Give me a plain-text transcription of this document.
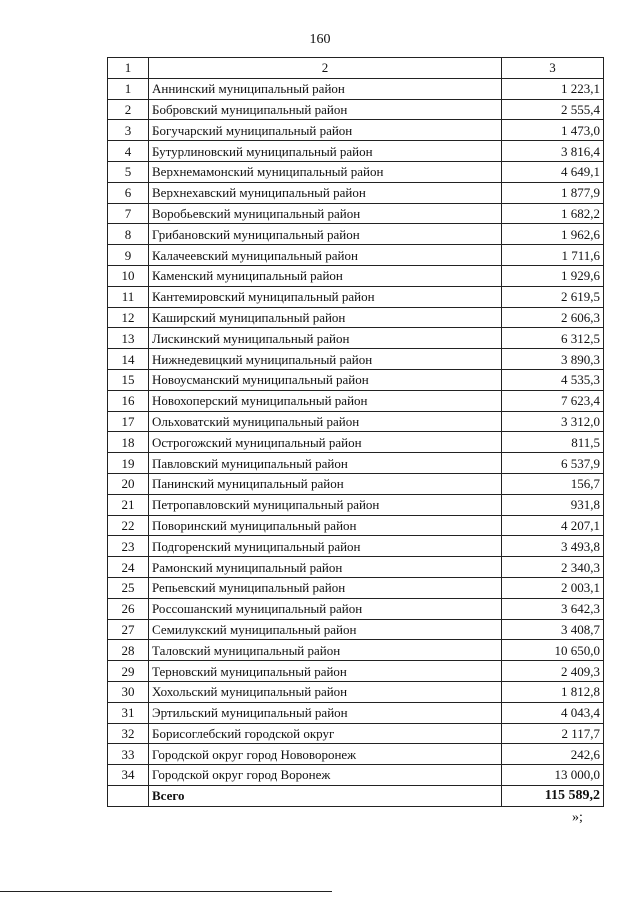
160
1	2	3
1	Аннинский муниципальный район	1 223,1
2	Бобровский муниципальный район	2 555,4
3	Богучарский муниципальный район	1 473,0
4	Бутурлиновский муниципальный район	3 816,4
5	Верхнемамонский муниципальный район	4 649,1
6	Верхнехавский муниципальный район	1 877,9
7	Воробьевский муниципальный район	1 682,2
8	Грибановский муниципальный район	1 962,6
9	Калачеевский муниципальный район	1 711,6
10	Каменский муниципальный район	1 929,6
11	Кантемировский муниципальный район	2 619,5
12	Каширский муниципальный район	2 606,3
13	Лискинский муниципальный район	6 312,5
14	Нижнедевицкий муниципальный район	3 890,3
15	Новоусманский муниципальный район	4 535,3
16	Новохоперский муниципальный район	7 623,4
17	Ольховатский муниципальный район	3 312,0
18	Острогожский муниципальный район	811,5
19	Павловский муниципальный район	6 537,9
20	Панинский муниципальный район	156,7
21	Петропавловский муниципальный район	931,8
22	Поворинский муниципальный район	4 207,1
23	Подгоренский муниципальный район	3 493,8
24	Рамонский муниципальный район	2 340,3
25	Репьевский муниципальный район	2 003,1
26	Россошанский муниципальный район	3 642,3
27	Семилукский муниципальный район	3 408,7
28	Таловский муниципальный район	10 650,0
29	Терновский муниципальный район	2 409,3
30	Хохольский муниципальный район	1 812,8
31	Эртильский муниципальный район	4 043,4
32	Борисоглебский городской округ	2 117,7
33	Городской округ город Нововоронеж	242,6
34	Городской округ город Воронеж	13 000,0
	Всего	115 589,2
»;
